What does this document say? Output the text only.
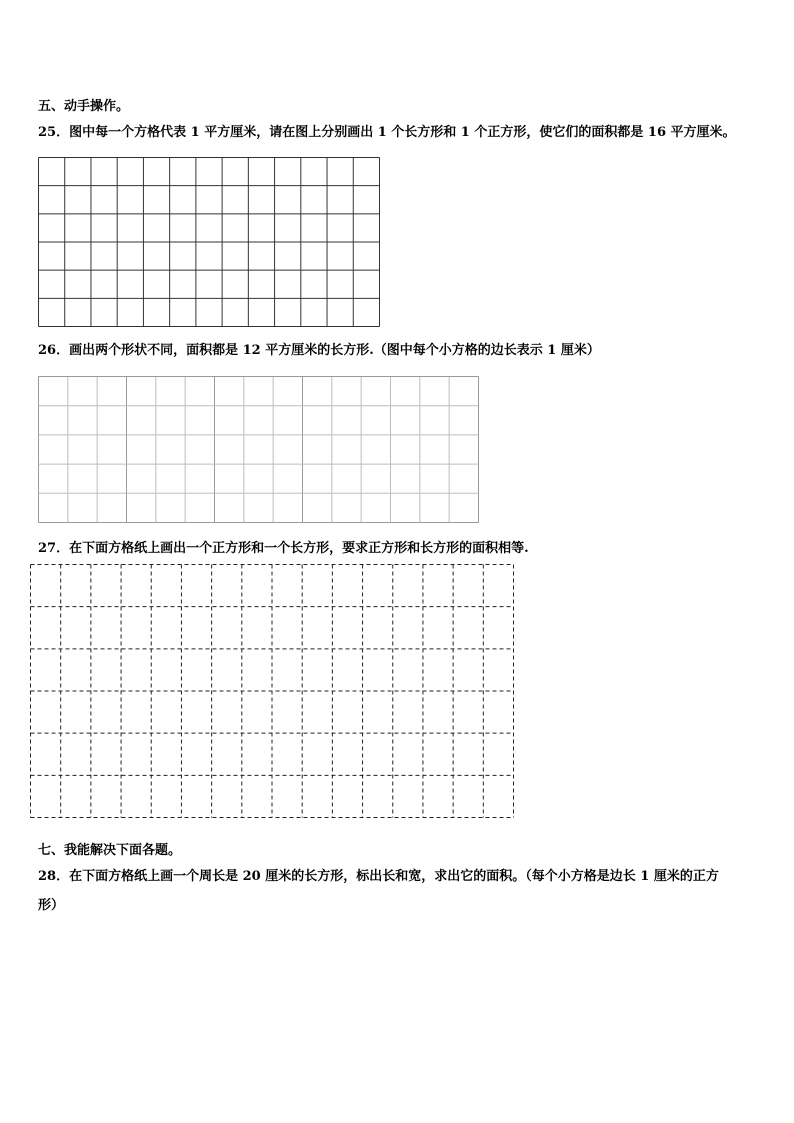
五、动手操作。
25．图中每一个方格代表 1 平方厘米，请在图上分别画出 1 个长方形和 1 个正方形，使它们的面积都是 16 平方厘米。
26．画出两个形状不同，面积都是 12 平方厘米的长方形.（图中每个小方格的边长表示 1 厘米）
27．在下面方格纸上画出一个正方形和一个长方形，要求正方形和长方形的面积相等.
七、我能解决下面各题。
28．在下面方格纸上画一个周长是 20 厘米的长方形，标出长和宽，求出它的面积。（每个小方格是边长 1 厘米的正方
形）
